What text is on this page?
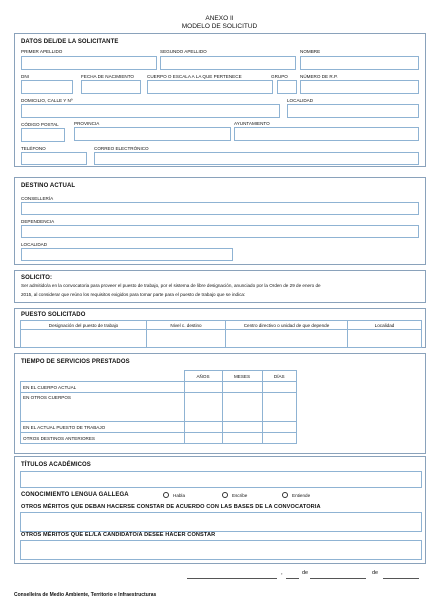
ANEXO II
MODELO DE SOLICITUD
DATOS DEL/DE LA SOLICITANTE
PRIMER APELLIDO	SEGUNDO APELLIDO	NOMBRE
DNI	FECHA DE NACIMIENTO	CUERPO O ESCALA A LA QUE PERTENECE	GRUPO	NÚMERO DE R.P.
DOMICILIO, CALLE Y Nº	LOCALIDAD
CÓDIGO POSTAL	PROVINCIA	AYUNTAMIENTO
TELÉFONO	CORREO ELECTRÓNICO
DESTINO ACTUAL
CONSELLERÍA
DEPENDENCIA
LOCALIDAD
SOLICITO:
Ser admitido/a en la convocatoria para proveer el puesto de trabajo, por el sistema de libre designación, anunciado por la Orden de 29 de enero de
2015, al considerar que reúno los requisitos exigidos para tomar parte para el puesto de trabajo que se indica:
PUESTO SOLICITADO
Designación del puesto de trabajo	Nivel c. destino	Centro directivo o unidad de que depende	Localidad

TIEMPO DE SERVICIOS PRESTADOS
	AÑOS	MESES	DÍAS
EN EL CUERPO ACTUAL			
EN OTROS CUERPOS			
EN EL ACTUAL PUESTO DE TRABAJO			
OTROS DESTINOS ANTERIORES			
TÍTULOS ACADÉMICOS
CONOCIMIENTO LENGUA GALLEGA	Habla	Escribe	Entiende
OTROS MÉRITOS QUE DEBAN HACERSE CONSTAR DE ACUERDO CON LAS BASES DE LA CONVOCATORIA
OTROS MÉRITOS QUE EL/LA CANDIDATO/A DESEE HACER CONSTAR
,	de	de
Conselleira de Medio Ambiente, Territorio e Infraestructuras
